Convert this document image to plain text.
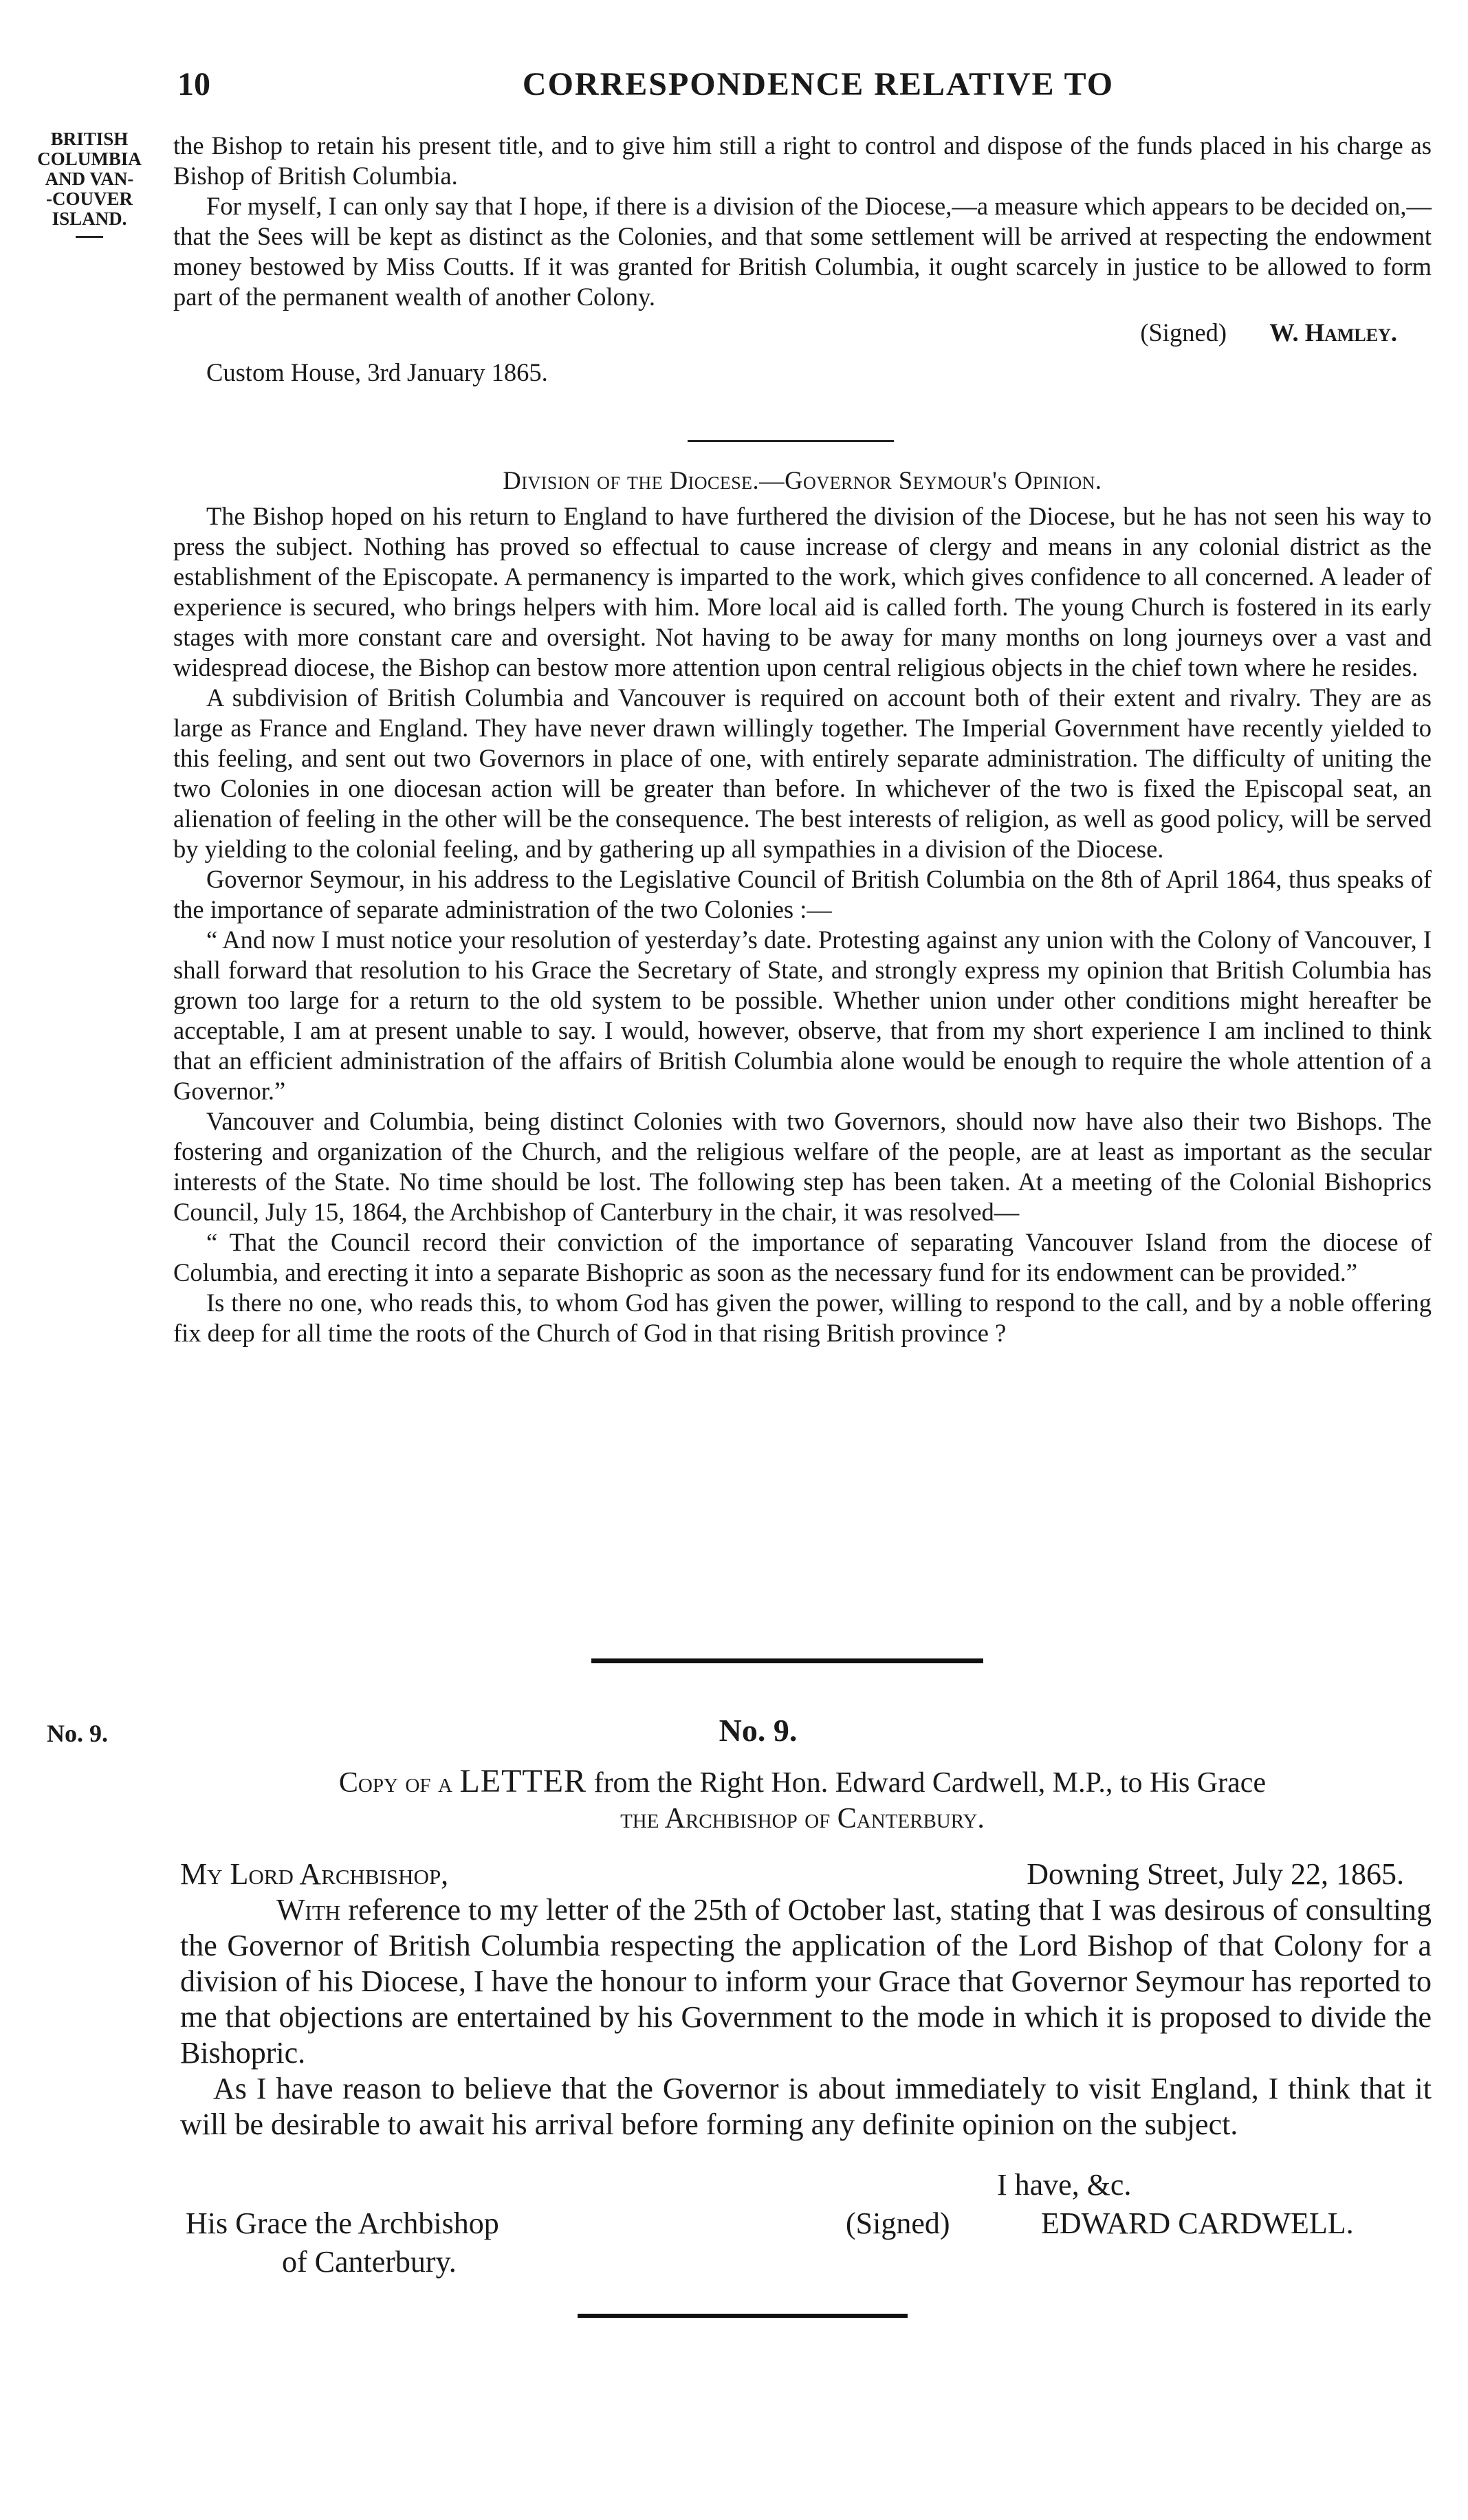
10	CORRESPONDENCE RELATIVE TO
BRITISH
COLUMBIA
AND VAN-
-COUVER
ISLAND.

the Bishop to retain his present title, and to give him still a right to control and dispose of the funds placed in his charge as Bishop of British Columbia.

For myself, I can only say that I hope, if there is a division of the Diocese,—a measure which appears to be decided on,—that the Sees will be kept as distinct as the Colonies, and that some settlement will be arrived at respecting the endowment money bestowed by Miss Coutts. If it was granted for British Columbia, it ought scarcely in justice to be allowed to form part of the permanent wealth of another Colony.

(Signed) W. Hamley.

Custom House, 3rd January 1865.

Division of the Diocese.—Governor Seymour's Opinion.

The Bishop hoped on his return to England to have furthered the division of the Diocese, but he has not seen his way to press the subject. Nothing has proved so effectual to cause increase of clergy and means in any colonial district as the establishment of the Episcopate. A permanency is imparted to the work, which gives confidence to all concerned. A leader of experience is secured, who brings helpers with him. More local aid is called forth. The young Church is fostered in its early stages with more constant care and oversight. Not having to be away for many months on long journeys over a vast and widespread diocese, the Bishop can bestow more attention upon central religious objects in the chief town where he resides.

A subdivision of British Columbia and Vancouver is required on account both of their extent and rivalry. They are as large as France and England. They have never drawn willingly together. The Imperial Government have recently yielded to this feeling, and sent out two Governors in place of one, with entirely separate administration. The difficulty of uniting the two Colonies in one diocesan action will be greater than before. In whichever of the two is fixed the Episcopal seat, an alienation of feeling in the other will be the consequence. The best interests of religion, as well as good policy, will be served by yielding to the colonial feeling, and by gathering up all sympathies in a division of the Diocese.

Governor Seymour, in his address to the Legislative Council of British Columbia on the 8th of April 1864, thus speaks of the importance of separate administration of the two Colonies :—

“ And now I must notice your resolution of yesterday’s date. Protesting against any union with the Colony of Vancouver, I shall forward that resolution to his Grace the Secretary of State, and strongly express my opinion that British Columbia has grown too large for a return to the old system to be possible. Whether union under other conditions might hereafter be acceptable, I am at present unable to say. I would, however, observe, that from my short experience I am inclined to think that an efficient administration of the affairs of British Columbia alone would be enough to require the whole attention of a Governor.”

Vancouver and Columbia, being distinct Colonies with two Governors, should now have also their two Bishops. The fostering and organization of the Church, and the religious welfare of the people, are at least as important as the secular interests of the State. No time should be lost. The following step has been taken. At a meeting of the Colonial Bishoprics Council, July 15, 1864, the Archbishop of Canterbury in the chair, it was resolved—

“ That the Council record their conviction of the importance of separating Vancouver Island from the diocese of Columbia, and erecting it into a separate Bishopric as soon as the necessary fund for its endowment can be provided.”

Is there no one, who reads this, to whom God has given the power, willing to respond to the call, and by a noble offering fix deep for all time the roots of the Church of God in that rising British province ?

No. 9.	No. 9.
Copy of a LETTER from the Right Hon. Edward Cardwell, M.P., to His Grace
the Archbishop of Canterbury.
My Lord Archbishop,	Downing Street, July 22, 1865.

With reference to my letter of the 25th of October last, stating that I was desirous of consulting the Governor of British Columbia respecting the application of the Lord Bishop of that Colony for a division of his Diocese, I have the honour to inform your Grace that Governor Seymour has reported to me that objections are entertained by his Government to the mode in which it is proposed to divide the Bishopric.

As I have reason to believe that the Governor is about immediately to visit England, I think that it will be desirable to await his arrival before forming any definite opinion on the subject.

I have, &c.
His Grace the Archbishop
of Canterbury.
(Signed)	EDWARD CARDWELL.
